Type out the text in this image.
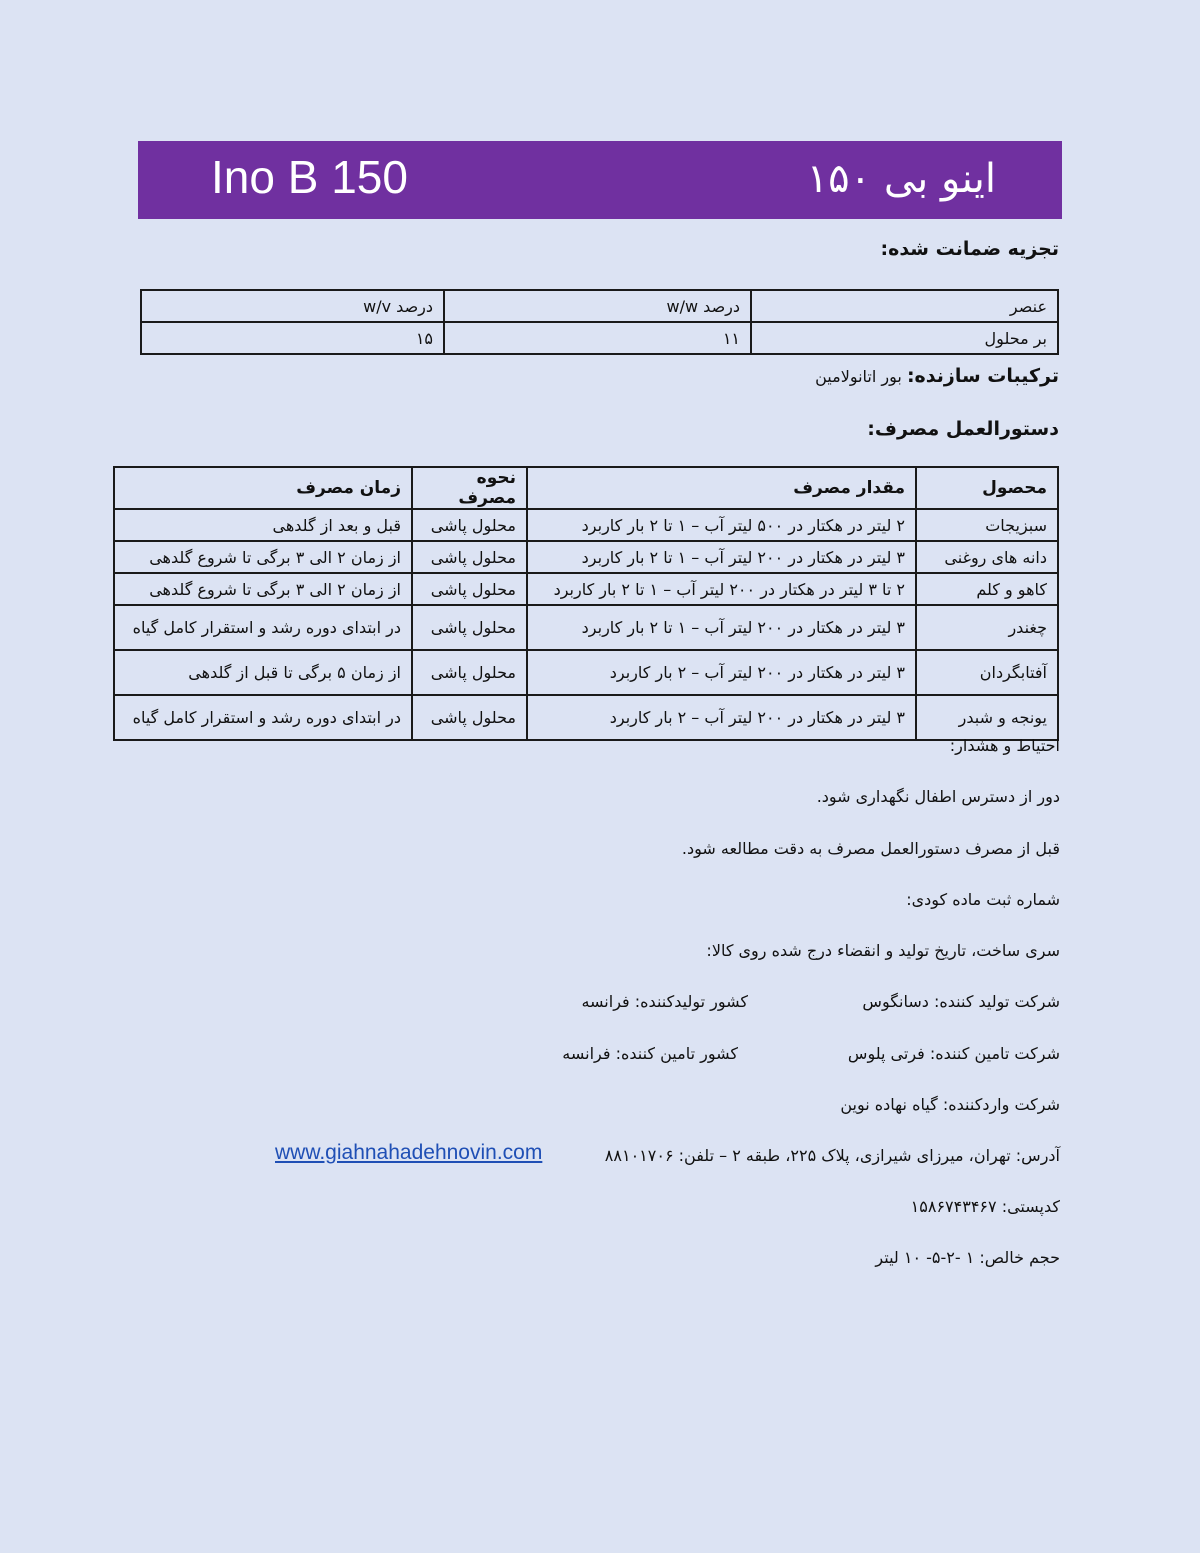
Ino B 150	اینو بی ۱۵۰
تجزیه ضمانت شده:
عنصر	درصد w/w	درصد w/v
بر محلول	۱۱	۱۵
ترکیبات سازنده: بور اتانولامین
دستورالعمل مصرف:
محصول	مقدار مصرف	نحوه مصرف	زمان مصرف
سبزیجات	۲ لیتر در هکتار در ۵۰۰ لیتر آب – ۱ تا ۲ بار کاربرد	محلول پاشی	قبل و بعد از گلدهی
دانه های روغنی	۳ لیتر در هکتار در ۲۰۰ لیتر آب – ۱ تا ۲ بار کاربرد	محلول پاشی	از زمان ۲ الی ۳ برگی تا شروع گلدهی
کاهو و کلم	۲ تا ۳ لیتر در هکتار در ۲۰۰ لیتر آب – ۱ تا ۲ بار کاربرد	محلول پاشی	از زمان ۲ الی ۳ برگی تا شروع گلدهی
چغندر	۳ لیتر در هکتار در ۲۰۰ لیتر آب – ۱ تا ۲ بار کاربرد	محلول پاشی	در ابتدای دوره رشد و استقرار کامل گیاه
آفتابگردان	۳ لیتر در هکتار در ۲۰۰ لیتر آب – ۲ بار کاربرد	محلول پاشی	از زمان ۵ برگی تا قبل از گلدهی
یونجه و شبدر	۳ لیتر در هکتار در ۲۰۰ لیتر آب – ۲ بار کاربرد	محلول پاشی	در ابتدای دوره رشد و استقرار کامل گیاه
احتیاط و هشدار:
دور از دسترس اطفال نگهداری شود.
قبل از مصرف دستورالعمل مصرف به دقت مطالعه شود.
شماره ثبت ماده کودی:
سری ساخت، تاریخ تولید و انقضاء درج شده روی کالا:
شرکت تولید کننده: دسانگوس
کشور تولیدکننده: فرانسه
شرکت تامین کننده: فرتی پلوس
کشور تامین کننده: فرانسه
شرکت واردکننده: گیاه نهاده نوین
آدرس: تهران، میرزای شیرازی، پلاک ۲۲۵، طبقه ۲ – تلفن: ۸۸۱۰۱۷۰۶
www.giahnahadehnovin.com
کدپستی: ۱۵۸۶۷۴۳۴۶۷
حجم خالص: ۱ -۲-۵- ۱۰ لیتر
